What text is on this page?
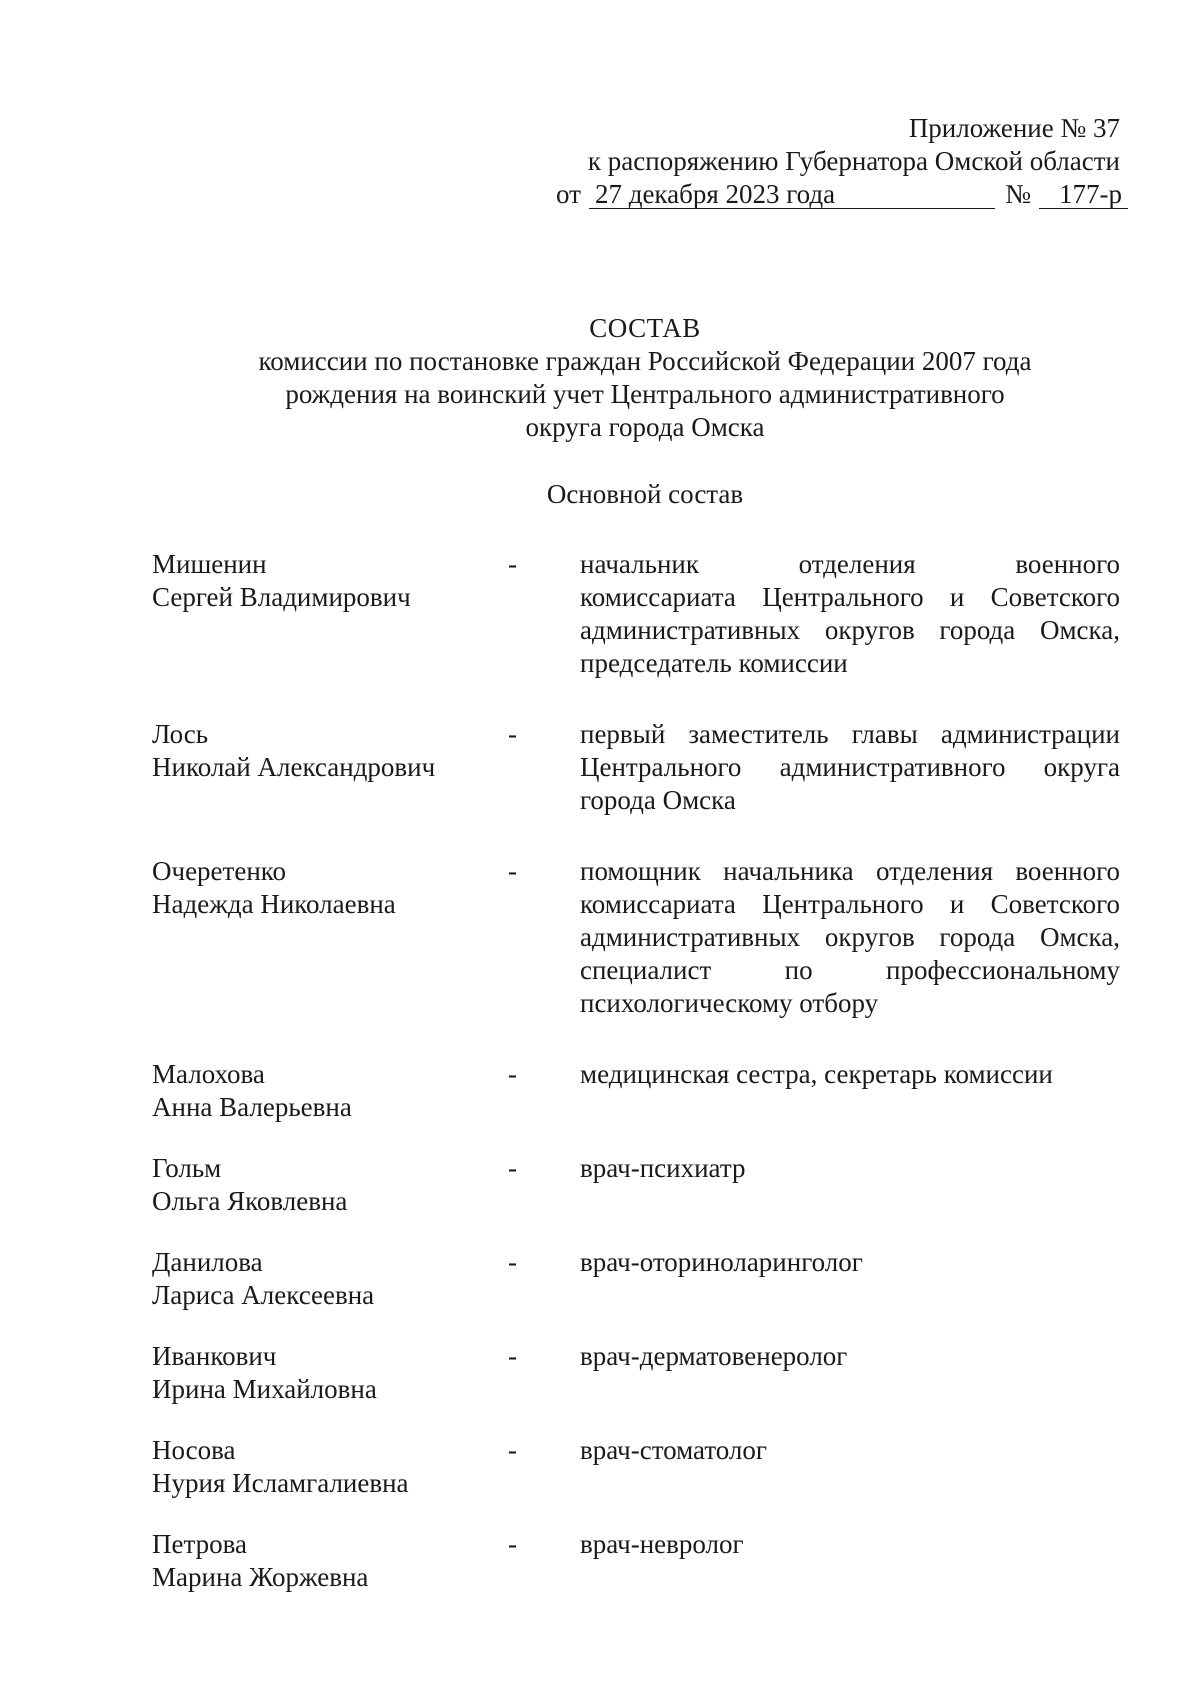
Приложение № 37
к распоряжению Губернатора Омской области
от 27 декабря 2023 года	№	177-р
СОСТАВ
комиссии по постановке граждан Российской Федерации 2007 года
рождения на воинский учет Центрального административного
округа города Омска
Основной состав
Мишенин
Сергей Владимирович
- начальник отделения военного
комиссариата Центрального и Советского
административных округов города Омска,
председатель комиссии
Лось
Николай Александрович
- первый заместитель главы администрации
Центрального административного округа
города Омска
Очеретенко
Надежда Николаевна
- помощник начальника отделения военного
комиссариата Центрального и Советского
административных округов города Омска,
специалист по профессиональному
психологическому отбору
Малохова
Анна Валерьевна
- медицинская сестра, секретарь комиссии
Гольм
Ольга Яковлевна
- врач-психиатр
Данилова
Лариса Алексеевна
- врач-оториноларинголог
Иванкович
Ирина Михайловна
- врач-дерматовенеролог
Носова
Нурия Исламгалиевна
- врач-стоматолог
Петрова
Марина Жоржевна
- врач-невролог
